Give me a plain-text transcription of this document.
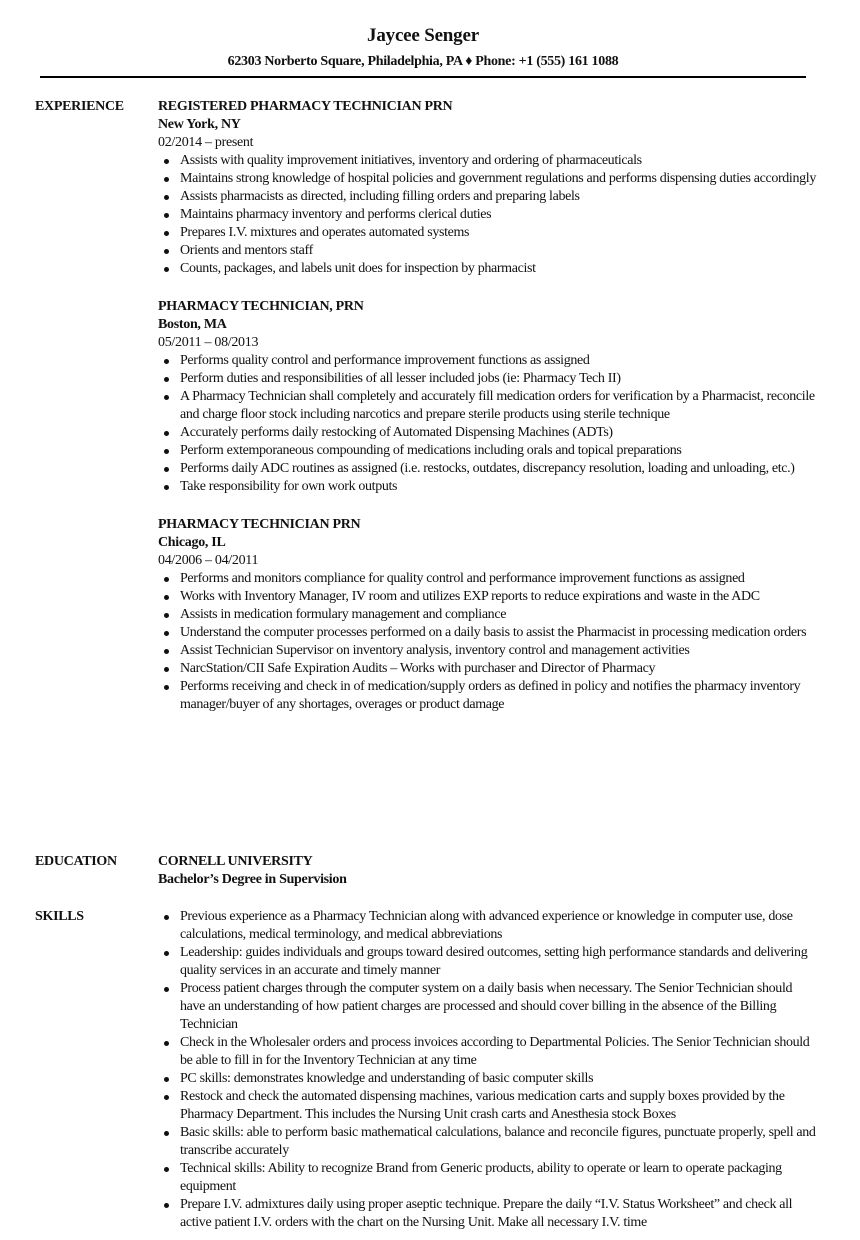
Jaycee Senger
62303 Norberto Square, Philadelphia, PA ♦ Phone: +1 (555) 161 1088
EXPERIENCE REGISTERED PHARMACY TECHNICIAN PRN
New York, NY
02/2014 – present
Assists with quality improvement initiatives, inventory and ordering of pharmaceuticals
Maintains strong knowledge of hospital policies and government regulations and performs dispensing duties accordingly
Assists pharmacists as directed, including filling orders and preparing labels
Maintains pharmacy inventory and performs clerical duties
Prepares I.V. mixtures and operates automated systems
Orients and mentors staff
Counts, packages, and labels unit does for inspection by pharmacist
PHARMACY TECHNICIAN, PRN
Boston, MA
05/2011 – 08/2013
Performs quality control and performance improvement functions as assigned
Perform duties and responsibilities of all lesser included jobs (ie: Pharmacy Tech II)
A Pharmacy Technician shall completely and accurately fill medication orders for verification by a Pharmacist, reconcile and charge floor stock including narcotics and prepare sterile products using sterile technique
Accurately performs daily restocking of Automated Dispensing Machines (ADTs)
Perform extemporaneous compounding of medications including orals and topical preparations
Performs daily ADC routines as assigned (i.e. restocks, outdates, discrepancy resolution, loading and unloading, etc.)
Take responsibility for own work outputs
PHARMACY TECHNICIAN PRN
Chicago, IL
04/2006 – 04/2011
Performs and monitors compliance for quality control and performance improvement functions as assigned
Works with Inventory Manager, IV room and utilizes EXP reports to reduce expirations and waste in the ADC
Assists in medication formulary management and compliance
Understand the computer processes performed on a daily basis to assist the Pharmacist in processing medication orders
Assist Technician Supervisor on inventory analysis, inventory control and management activities
NarcStation/CII Safe Expiration Audits – Works with purchaser and Director of Pharmacy
Performs receiving and check in of medication/supply orders as defined in policy and notifies the pharmacy inventory manager/buyer of any shortages, overages or product damage
EDUCATION	CORNELL UNIVERSITY
Bachelor’s Degree in Supervision
SKILLS	Previous experience as a Pharmacy Technician along with advanced experience or knowledge in computer use, dose calculations, medical terminology, and medical abbreviations
Leadership: guides individuals and groups toward desired outcomes, setting high performance standards and delivering quality services in an accurate and timely manner
Process patient charges through the computer system on a daily basis when necessary. The Senior Technician should have an understanding of how patient charges are processed and should cover billing in the absence of the Billing Technician
Check in the Wholesaler orders and process invoices according to Departmental Policies. The Senior Technician should be able to fill in for the Inventory Technician at any time
PC skills: demonstrates knowledge and understanding of basic computer skills
Restock and check the automated dispensing machines, various medication carts and supply boxes provided by the Pharmacy Department. This includes the Nursing Unit crash carts and Anesthesia stock Boxes
Basic skills: able to perform basic mathematical calculations, balance and reconcile figures, punctuate properly, spell and transcribe accurately
Technical skills: Ability to recognize Brand from Generic products, ability to operate or learn to operate packaging equipment
Prepare I.V. admixtures daily using proper aseptic technique. Prepare the daily “I.V. Status Worksheet” and check all active patient I.V. orders with the chart on the Nursing Unit. Make all necessary I.V. time
